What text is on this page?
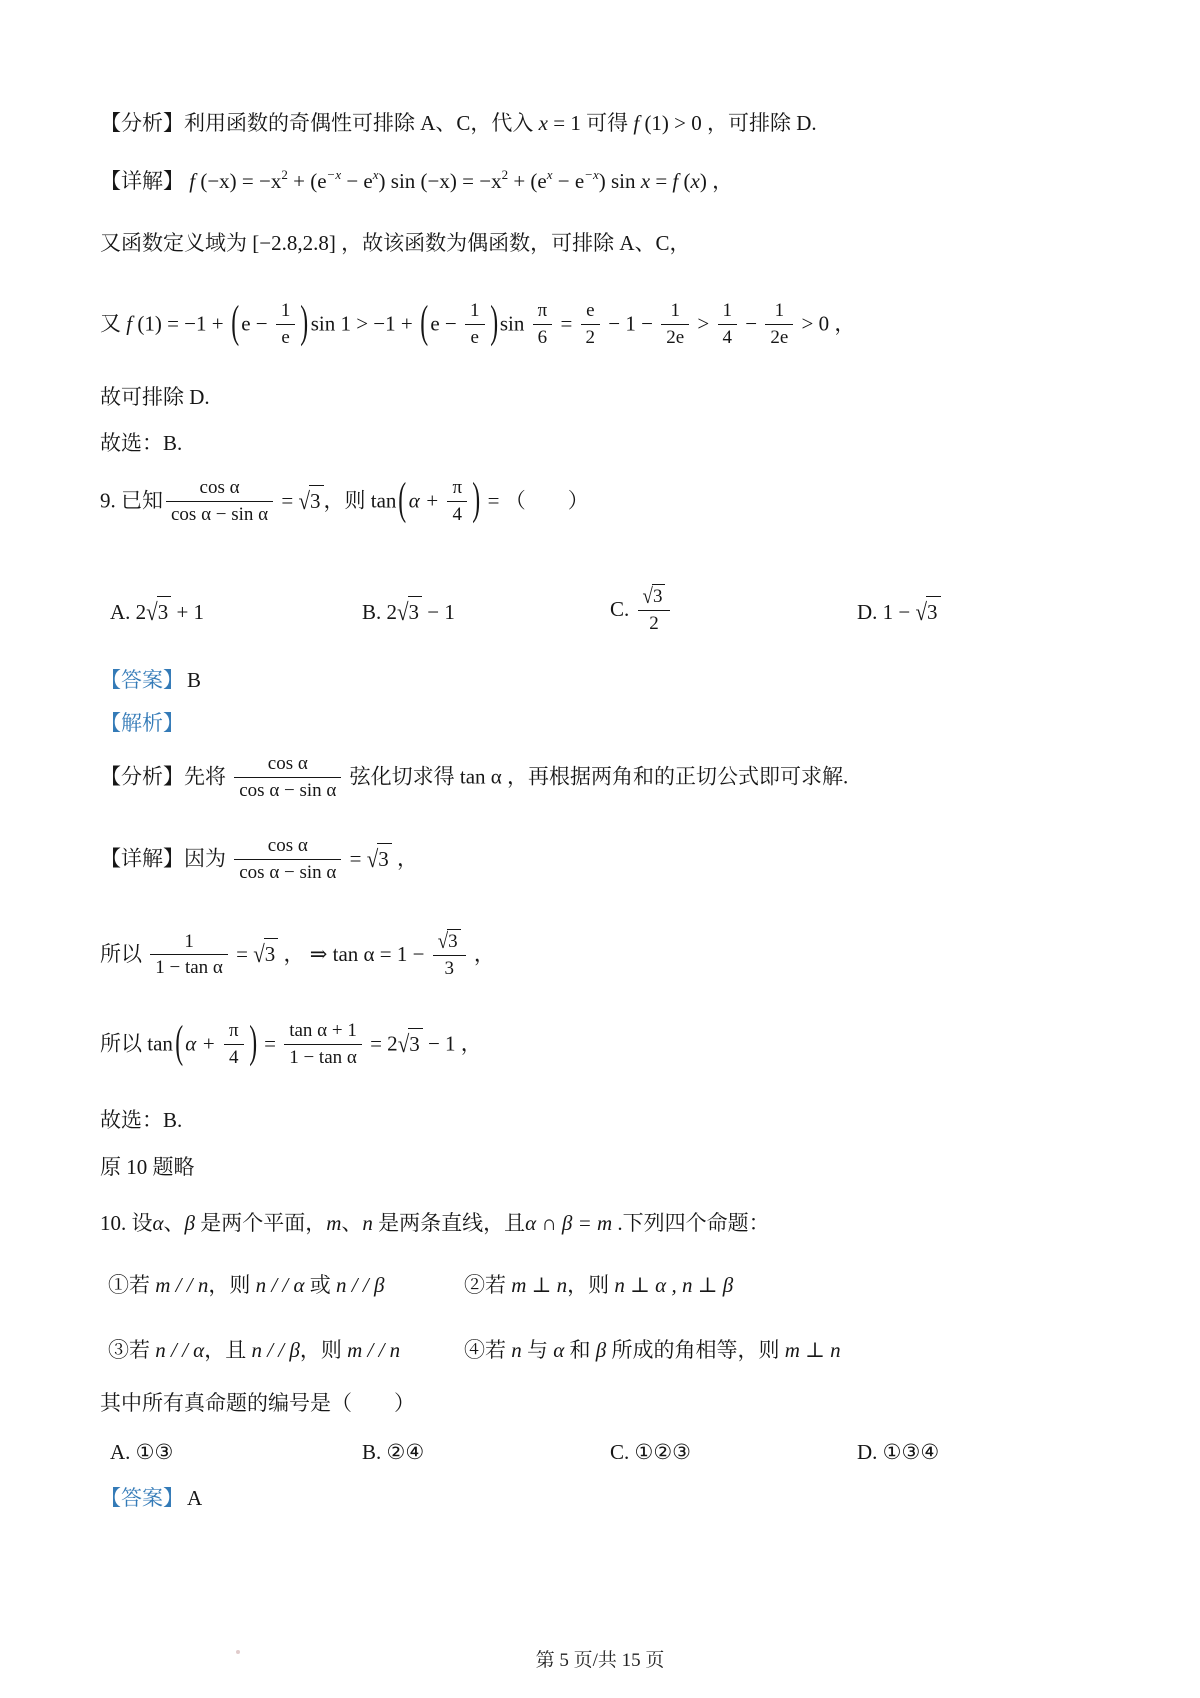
【分析】利用函数的奇偶性可排除 A、C，代入 x = 1 可得 f (1) > 0 ，可排除 D.
【详解】 f $(-x) = -x^2 + (e^{-x} - e^x)$ $\sin (-x) = -x^2 + (e^x - e^{-x})$ sin x = f (x) ，
又函数定义域为 [−2.8,2.8] ，故该函数为偶函数，可排除 A、C，
又 f (1) = −1 + ( $e - \frac{1}{e}$ ) sin 1 > −1 + ( $e - \frac{1}{e}$ ) $\sin \frac{\pi}{6} = \frac{e}{2} - 1 - \frac{1}{2e} > \frac{1}{4} - \frac{1}{2e} > 0$ ，
故可排除 D.
故选：B.
9. 已知 $\frac{\text{cos α}}{\text{cos α − sin α}} = √3$ ，则 tan( $\alpha + \frac{\pi}{4}$ ) = （　　）
A. 2√3 + 1	B. 2√3 − 1	C. $\frac{√3}{2}$	D. 1 − √3
【答案】 B
【解析】
【分析】先将 $\frac{\text{cos α}}{\text{cos α − sin α}}$ 弦化切求得 tan α ，再根据两角和的正切公式即可求解.
【详解】因为 $\frac{\text{cos α}}{\text{cos α − sin α}} = √3$ ，
所以 $\frac{1}{\text{1 − tan α}} = √3$ ， ⇒ $\tan \alpha = 1 - \frac{√3}{3}$ ，
所以 tan( $\alpha + \frac{\pi}{4}$ ) = $\frac{\text{tan α + 1}}{\text{1 − tan α}} = 2√3 - 1$ ，
故选：B.
原 10 题略
10. 设α、β 是两个平面，m、n 是两条直线，且α ∩ β = m .下列四个命题：
①若 m / / n，则 n / / α 或 n / / β	②若 m ⊥ n，则 n ⊥ α , n ⊥ β
③若 n / / α，且 n / / β，则 m / / n	④若 n 与 α 和 β 所成的角相等，则 m ⊥ n
其中所有真命题的编号是（　　）
A. ①③	B. ②④	C. ①②③	D. ①③④
【答案】 A
第 5 页/共 15 页
